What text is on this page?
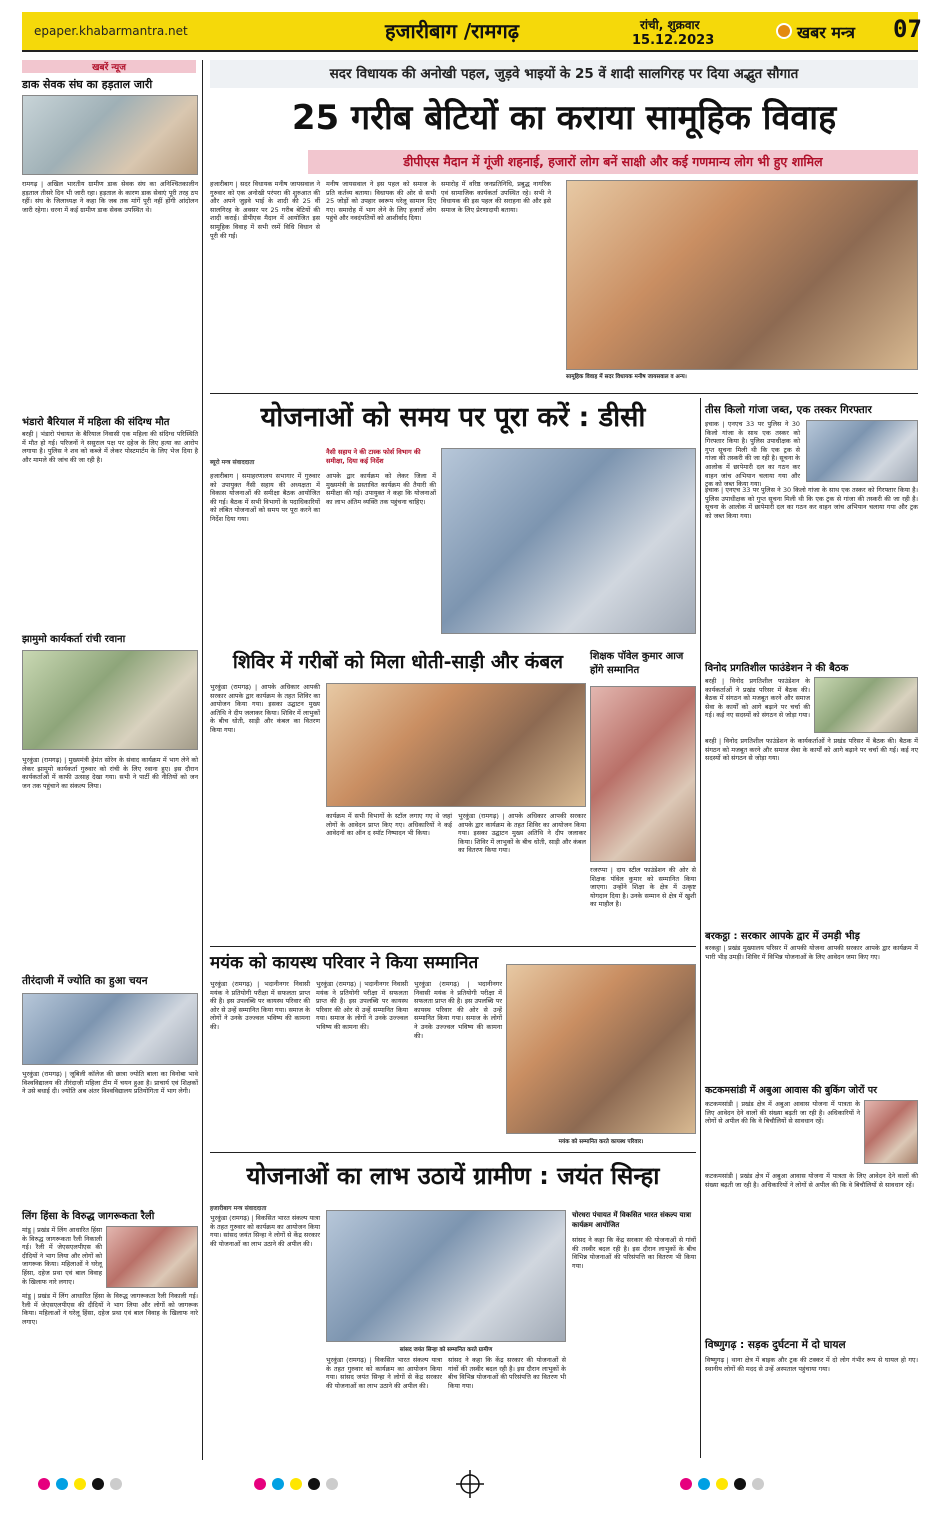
epaper.khabarmantra.net	हजारीबाग /रामगढ़	रांची, शुक्रवार
15.12.2023	खबर मन्त्र 07
खबरें न्यूज
डाक सेवक संघ का हड़ताल जारी
रामगढ़ | अखिल भारतीय ग्रामीण डाक सेवक संघ का अनिश्चितकालीन हड़ताल तीसरे दिन भी जारी रहा। हड़ताल के कारण डाक सेवाएं पूरी तरह ठप रहीं। संघ के जिलाध्यक्ष ने कहा कि जब तक मांगें पूरी नहीं होंगी आंदोलन जारी रहेगा। धरना में कई ग्रामीण डाक सेवक उपस्थित थे।
भंडारो बैरियाल में महिला की संदिग्ध मौत
बरही | भंडारो पंचायत के बैरियाल निवासी एक महिला की संदिग्ध परिस्थिति में मौत हो गई। परिजनों ने ससुराल पक्ष पर दहेज के लिए हत्या का आरोप लगाया है। पुलिस ने शव को कब्जे में लेकर पोस्टमार्टम के लिए भेज दिया है और मामले की जांच की जा रही है।
झामुमो कार्यकर्ता रांची रवाना
भुरकुंडा (रामगढ़) | मुख्यमंत्री हेमंत सोरेन के संवाद कार्यक्रम में भाग लेने को लेकर झामुमो कार्यकर्ता गुरुवार को रांची के लिए रवाना हुए। इस दौरान कार्यकर्ताओं में काफी उत्साह देखा गया। सभी ने पार्टी की नीतियों को जन जन तक पहुंचाने का संकल्प लिया।
तीरंदाजी में ज्योति का हुआ चयन
भुरकुंडा (रामगढ़) | जूबिली कॉलेज की छात्रा ज्योति बाला का विनोबा भावे विश्वविद्यालय की तीरंदाजी महिला टीम में चयन हुआ है। प्राचार्य एवं शिक्षकों ने उसे बधाई दी। ज्योति अब अंतर विश्वविद्यालय प्रतियोगिता में भाग लेगी।
लिंग हिंसा के विरुद्ध जागरूकता रैली
मांडू | प्रखंड में लिंग आधारित हिंसा के विरुद्ध जागरूकता रैली निकाली गई। रैली में जेएसएलपीएस की दीदियों ने भाग लिया और लोगों को जागरूक किया। महिलाओं ने घरेलू हिंसा, दहेज प्रथा एवं बाल विवाह के खिलाफ नारे लगाए।
मांडू | प्रखंड में लिंग आधारित हिंसा के विरुद्ध जागरूकता रैली निकाली गई। रैली में जेएसएलपीएस की दीदियों ने भाग लिया और लोगों को जागरूक किया। महिलाओं ने घरेलू हिंसा, दहेज प्रथा एवं बाल विवाह के खिलाफ नारे लगाए।
सदर विधायक की अनोखी पहल, जुड़वे भाइयों के 25 वें शादी सालगिरह पर दिया अद्भुत सौगात
25 गरीब बेटियों का कराया सामूहिक विवाह
डीपीएस मैदान में गूंजी शहनाई, हजारों लोग बनें साक्षी और कई गणमान्य लोग भी हुए शामिल
हजारीबाग | सदर विधायक मनीष जायसवाल ने गुरुवार को एक अनोखी परंपरा की शुरुआत की और अपने जुड़वे भाई के शादी की 25 वीं सालगिरह के अवसर पर 25 गरीब बेटियों की शादी कराई। डीपीएस मैदान में आयोजित इस सामूहिक विवाह में सभी रस्में विधि विधान से पूरी की गईं।
मनीष जायसवाल ने इस पहल को समाज के प्रति कर्तव्य बताया। विधायक की ओर से सभी 25 जोड़ों को उपहार स्वरूप घरेलू सामान दिए गए। समारोह में भाग लेने के लिए हजारों लोग पहुंचे और नवदंपतियों को आशीर्वाद दिया।
समारोह में वरिष्ठ जनप्रतिनिधि, प्रबुद्ध नागरिक एवं सामाजिक कार्यकर्ता उपस्थित रहे। सभी ने विधायक की इस पहल की सराहना की और इसे समाज के लिए प्रेरणादायी बताया।
सामूहिक विवाह में सदर विधायक मनीष जायसवाल व अन्य।
योजनाओं को समय पर पूरा करें : डीसी
ब्यूरो मन्त्र संवाददाता
नैसी सहाय ने की टास्क फोर्स विभाग की समीक्षा, दिया कई निर्देश
हजारीबाग | समाहरणालय सभागार में गुरुवार को उपायुक्त नैंसी सहाय की अध्यक्षता में विकास योजनाओं की समीक्षा बैठक आयोजित की गई। बैठक में सभी विभागों के पदाधिकारियों को लंबित योजनाओं को समय पर पूरा करने का निर्देश दिया गया।
आपके द्वार कार्यक्रम को लेकर जिला में मुख्यमंत्री के प्रस्तावित कार्यक्रम की तैयारी की समीक्षा की गई। उपायुक्त ने कहा कि योजनाओं का लाभ अंतिम व्यक्ति तक पहुंचना चाहिए।
तीस किलो गांजा जब्त, एक तस्कर गिरफ्तार
इचाक | एनएच 33 पर पुलिस ने 30 किलो गांजा के साथ एक तस्कर को गिरफ्तार किया है। पुलिस उपाधीक्षक को गुप्त सूचना मिली थी कि एक ट्रक से गांजा की तस्करी की जा रही है। सूचना के आलोक में छापेमारी दल का गठन कर वाहन जांच अभियान चलाया गया और ट्रक को जब्त किया गया।
इचाक | एनएच 33 पर पुलिस ने 30 किलो गांजा के साथ एक तस्कर को गिरफ्तार किया है। पुलिस उपाधीक्षक को गुप्त सूचना मिली थी कि एक ट्रक से गांजा की तस्करी की जा रही है। सूचना के आलोक में छापेमारी दल का गठन कर वाहन जांच अभियान चलाया गया और ट्रक को जब्त किया गया।
शिविर में गरीबों को मिला धोती-साड़ी और कंबल
भुरकुंडा (रामगढ़) | आपके अधिकार आपकी सरकार आपके द्वार कार्यक्रम के तहत शिविर का आयोजन किया गया। इसका उद्घाटन मुख्य अतिथि ने दीप जलाकर किया। शिविर में लाभुकों के बीच धोती, साड़ी और कंबल का वितरण किया गया।
कार्यक्रम में सभी विभागों के स्टॉल लगाए गए थे जहां लोगों के आवेदन प्राप्त किए गए। अधिकारियों ने कई आवेदनों का ऑन द स्पॉट निष्पादन भी किया।
भुरकुंडा (रामगढ़) | आपके अधिकार आपकी सरकार आपके द्वार कार्यक्रम के तहत शिविर का आयोजन किया गया। इसका उद्घाटन मुख्य अतिथि ने दीप जलाकर किया। शिविर में लाभुकों के बीच धोती, साड़ी और कंबल का वितरण किया गया।
शिक्षक पॉवेल कुमार आज होंगे सम्मानित
रजरप्पा | दाय स्टील फाउंडेशन की ओर से शिक्षक पॉवेल कुमार को सम्मानित किया जाएगा। उन्होंने शिक्षा के क्षेत्र में उत्कृष्ट योगदान दिया है। उनके सम्मान से क्षेत्र में खुशी का माहौल है।
विनोद प्रगतिशील फाउंडेशन ने की बैठक
बरही | विनोद प्रगतिशील फाउंडेशन के कार्यकर्ताओं ने प्रखंड परिसर में बैठक की। बैठक में संगठन को मजबूत करने और समाज सेवा के कार्यों को आगे बढ़ाने पर चर्चा की गई। कई नए सदस्यों को संगठन से जोड़ा गया।
बरही | विनोद प्रगतिशील फाउंडेशन के कार्यकर्ताओं ने प्रखंड परिसर में बैठक की। बैठक में संगठन को मजबूत करने और समाज सेवा के कार्यों को आगे बढ़ाने पर चर्चा की गई। कई नए सदस्यों को संगठन से जोड़ा गया।
मयंक को कायस्थ परिवार ने किया सम्मानित
भुरकुंडा (रामगढ़) | भदानीनगर निवासी मयंक ने प्रतियोगी परीक्षा में सफलता प्राप्त की है। इस उपलब्धि पर कायस्थ परिवार की ओर से उन्हें सम्मानित किया गया। समाज के लोगों ने उनके उज्ज्वल भविष्य की कामना की।
भुरकुंडा (रामगढ़) | भदानीनगर निवासी मयंक ने प्रतियोगी परीक्षा में सफलता प्राप्त की है। इस उपलब्धि पर कायस्थ परिवार की ओर से उन्हें सम्मानित किया गया। समाज के लोगों ने उनके उज्ज्वल भविष्य की कामना की।
भुरकुंडा (रामगढ़) | भदानीनगर निवासी मयंक ने प्रतियोगी परीक्षा में सफलता प्राप्त की है। इस उपलब्धि पर कायस्थ परिवार की ओर से उन्हें सम्मानित किया गया। समाज के लोगों ने उनके उज्ज्वल भविष्य की कामना की।
मयंक को सम्मानित करते कायस्थ परिवार।
बरकट्ठा : सरकार आपके द्वार में उमड़ी भीड़
बरकट्ठा | प्रखंड मुख्यालय परिसर में आपकी योजना आपकी सरकार आपके द्वार कार्यक्रम में भारी भीड़ उमड़ी। शिविर में विभिन्न योजनाओं के लिए आवेदन जमा किए गए।
कटकमसांडी में अबुआ आवास की बुकिंग जोरों पर
कटकमसांडी | प्रखंड क्षेत्र में अबुआ आवास योजना में पात्रता के लिए आवेदन देने वालों की संख्या बढ़ती जा रही है। अधिकारियों ने लोगों से अपील की कि वे बिचौलियों से सावधान रहें।
कटकमसांडी | प्रखंड क्षेत्र में अबुआ आवास योजना में पात्रता के लिए आवेदन देने वालों की संख्या बढ़ती जा रही है। अधिकारियों ने लोगों से अपील की कि वे बिचौलियों से सावधान रहें।
योजनाओं का लाभ उठायें ग्रामीण : जयंत सिन्हा
हजारीबाग मन्त्र संवाददाता
भुरकुंडा (रामगढ़) | विकसित भारत संकल्प यात्रा के तहत गुरुवार को कार्यक्रम का आयोजन किया गया। सांसद जयंत सिन्हा ने लोगों से केंद्र सरकार की योजनाओं का लाभ उठाने की अपील की।
सांसद जयंत सिन्हा को सम्मानित करते ग्रामीण
भुरकुंडा (रामगढ़) | विकसित भारत संकल्प यात्रा के तहत गुरुवार को कार्यक्रम का आयोजन किया गया। सांसद जयंत सिन्हा ने लोगों से केंद्र सरकार की योजनाओं का लाभ उठाने की अपील की।
सांसद ने कहा कि केंद्र सरकार की योजनाओं से गांवों की तस्वीर बदल रही है। इस दौरान लाभुकों के बीच विभिन्न योजनाओं की परिसंपत्ति का वितरण भी किया गया।
चोरधरा पंचायत में विकसित भारत संकल्प यात्रा कार्यक्रम आयोजित
सांसद ने कहा कि केंद्र सरकार की योजनाओं से गांवों की तस्वीर बदल रही है। इस दौरान लाभुकों के बीच विभिन्न योजनाओं की परिसंपत्ति का वितरण भी किया गया।
विष्णुगढ़ : सड़क दुर्घटना में दो घायल
विष्णुगढ़ | थाना क्षेत्र में बाइक और ट्रक की टक्कर में दो लोग गंभीर रूप से घायल हो गए। स्थानीय लोगों की मदद से उन्हें अस्पताल पहुंचाया गया।
